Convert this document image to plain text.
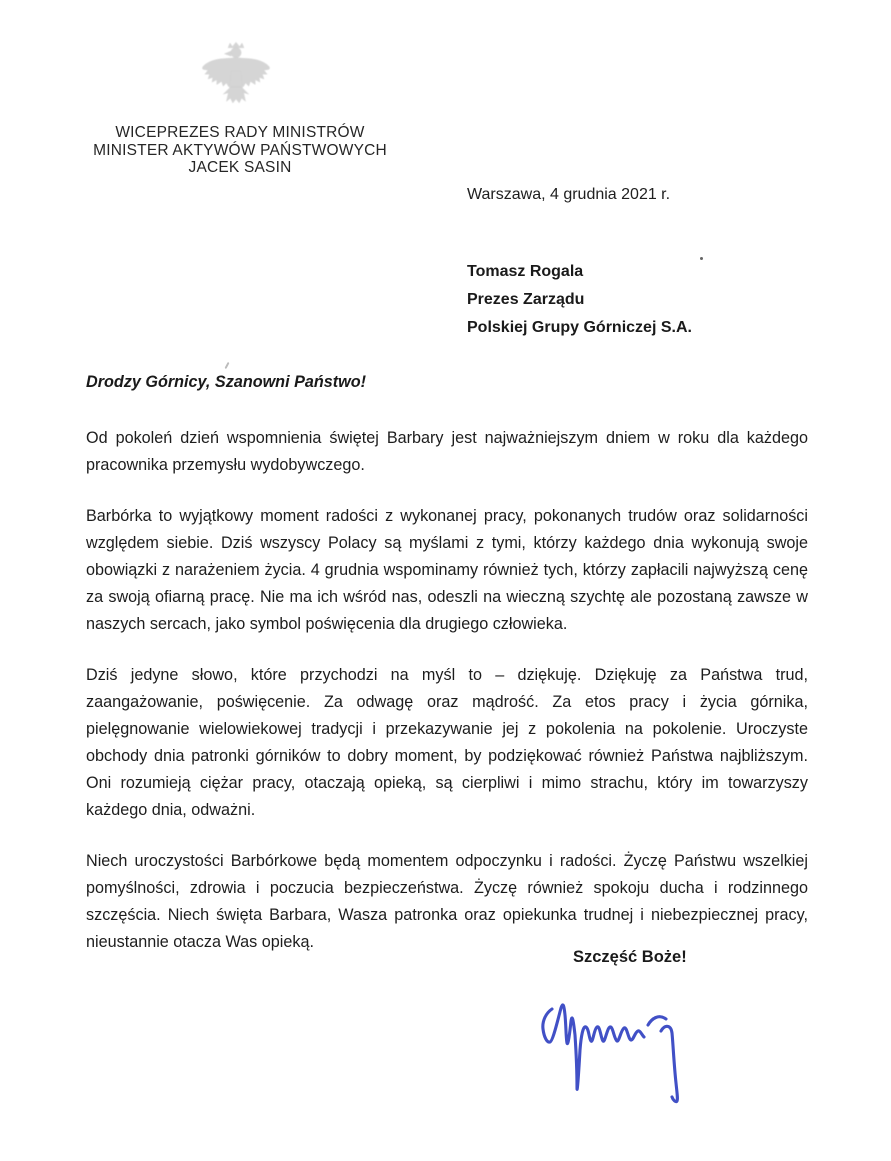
WICEPREZES RADY MINISTRÓW
MINISTER AKTYWÓW PAŃSTWOWYCH
JACEK SASIN
Warszawa, 4 grudnia 2021 r.
Tomasz Rogala
Prezes Zarządu
Polskiej Grupy Górniczej S.A.
Drodzy Górnicy, Szanowni Państwo!

Od pokoleń dzień wspomnienia świętej Barbary jest najważniejszym dniem w roku dla każdego pracownika przemysłu wydobywczego.

Barbórka to wyjątkowy moment radości z wykonanej pracy, pokonanych trudów oraz solidarności względem siebie. Dziś wszyscy Polacy są myślami z tymi, którzy każdego dnia wykonują swoje obowiązki z narażeniem życia. 4 grudnia wspominamy również tych, którzy zapłacili najwyższą cenę za swoją ofiarną pracę. Nie ma ich wśród nas, odeszli na wieczną szychtę ale pozostaną zawsze w naszych sercach, jako symbol poświęcenia dla drugiego człowieka.

Dziś jedyne słowo, które przychodzi na myśl to – dziękuję. Dziękuję za Państwa trud, zaangażowanie, poświęcenie. Za odwagę oraz mądrość. Za etos pracy i życia górnika, pielęgnowanie wielowiekowej tradycji i przekazywanie jej z pokolenia na pokolenie. Uroczyste obchody dnia patronki górników to dobry moment, by podziękować również Państwa najbliższym. Oni rozumieją ciężar pracy, otaczają opieką, są cierpliwi i mimo strachu, który im towarzyszy każdego dnia, odważni.

Niech uroczystości Barbórkowe będą momentem odpoczynku i radości. Życzę Państwu wszelkiej pomyślności, zdrowia i poczucia bezpieczeństwa. Życzę również spokoju ducha i rodzinnego szczęścia. Niech święta Barbara, Wasza patronka oraz opiekunka trudnej i niebezpiecznej pracy, nieustannie otacza Was opieką.

Szczęść Boże!
